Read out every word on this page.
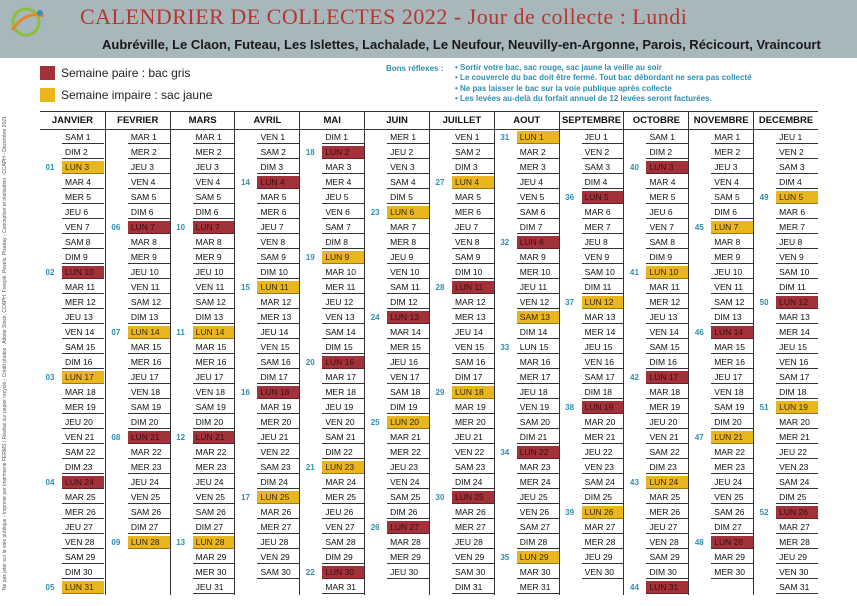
CALENDRIER DE COLLECTES 2022 - Jour de collecte : Lundi
Aubréville, Le Claon, Futeau, Les Islettes, Lachalade, Le Neufour, Neuvilly-en-Argonne, Parois, Récicourt, Vraincourt
Ne pas jeter sur la voie publique - Imprimé par Imprimerie FERMS / Réalisé sur papier recyclé - Crédit photos : Adobe Stock, CCAPH, Freepik, Pexels, Pixabay - Conception et réalisation : CCAPH - Décembre 2021
Semaine paire : bac gris
Semaine impaire : sac jaune
Bons réflexes :
•	Sortir votre bac, sac rouge, sac jaune la veille au soir
• Le couvercle du bac doit être fermé. Tout bac débordant ne sera pas collecté
• Ne pas laisser le bac sur la voie publique après collecte
• Les levées au-delà du forfait annuel de 12 levées seront facturées.
JANVIER
SAM 1
DIM 2
01	LUN 3
MAR 4
MER 5
JEU 6
VEN 7
SAM 8
DIM 9
02	LUN 10
MAR 11
MER 12
JEU 13
VEN 14
SAM 15
DIM 16
03	LUN 17
MAR 18
MER 19
JEU 20
VEN 21
SAM 22
DIM 23
04	LUN 24
MAR 25
MER 26
JEU 27
VEN 28
SAM 29
DIM 30
05	LUN 31
FEVRIER
MAR 1
MER 2
JEU 3
VEN 4
SAM 5
DIM 6
06	LUN 7
MAR 8
MER 9
JEU 10
VEN 11
SAM 12
DIM 13
07	LUN 14
MAR 15
MER 16
JEU 17
VEN 18
SAM 19
DIM 20
08	LUN 21
MAR 22
MER 23
JEU 24
VEN 25
SAM 26
DIM 27
09	LUN 28
MARS
MAR 1
MER 2
JEU 3
VEN 4
SAM 5
DIM 6
10	LUN 7
MAR 8
MER 9
JEU 10
VEN 11
SAM 12
DIM 13
11	LUN 14
MAR 15
MER 16
JEU 17
VEN 18
SAM 19
DIM 20
12	LUN 21
MAR 22
MER 23
JEU 24
VEN 25
SAM 26
DIM 27
13	LUN 28
MAR 29
MER 30
JEU 31
AVRIL
VEN 1
SAM 2
DIM 3
14	LUN 4
MAR 5
MER 6
JEU 7
VEN 8
SAM 9
DIM 10
15	LUN 11
MAR 12
MER 13
JEU 14
VEN 15
SAM 16
DIM 17
16	LUN 18
MAR 19
MER 20
JEU 21
VEN 22
SAM 23
DIM 24
17	LUN 25
MAR 26
MER 27
JEU 28
VEN 29
SAM 30
MAI
DIM 1
18	LUN 2
MAR 3
MER 4
JEU 5
VEN 6
SAM 7
DIM 8
19	LUN 9
MAR 10
MER 11
JEU 12
VEN 13
SAM 14
DIM 15
20	LUN 16
MAR 17
MER 18
JEU 19
VEN 20
SAM 21
DIM 22
21	LUN 23
MAR 24
MER 25
JEU 26
VEN 27
SAM 28
DIM 29
22	LUN 30
MAR 31
JUIN
MER 1
JEU 2
VEN 3
SAM 4
DIM 5
23	LUN 6
MAR 7
MER 8
JEU 9
VEN 10
SAM 11
DIM 12
24	LUN 13
MAR 14
MER 15
JEU 16
VEN 17
SAM 18
DIM 19
25	LUN 20
MAR 21
MER 22
JEU 23
VEN 24
SAM 25
DIM 26
26	LUN 27
MAR 28
MER 29
JEU 30
JUILLET
VEN 1
SAM 2
DIM 3
27	LUN 4
MAR 5
MER 6
JEU 7
VEN 8
SAM 9
DIM 10
28	LUN 11
MAR 12
MER 13
JEU 14
VEN 15
SAM 16
DIM 17
29	LUN 18
MAR 19
MER 20
JEU 21
VEN 22
SAM 23
DIM 24
30	LUN 25
MAR 26
MER 27
JEU 28
VEN 29
SAM 30
DIM 31
AOUT
31	LUN 1
MAR 2
MER 3
JEU 4
VEN 5
SAM 6
DIM 7
32	LUN 8
MAR 9
MER 10
JEU 11
VEN 12
SAM 13
DIM 14
33	LUN 15
MAR 16
MER 17
JEU 18
VEN 19
SAM 20
DIM 21
34	LUN 22
MAR 23
MER 24
JEU 25
VEN 26
SAM 27
DIM 28
35	LUN 29
MAR 30
MER 31
SEPTEMBRE
JEU 1
VEN 2
SAM 3
DIM 4
36	LUN 5
MAR 6
MER 7
JEU 8
VEN 9
SAM 10
DIM 11
37	LUN 12
MAR 13
MER 14
JEU 15
VEN 16
SAM 17
DIM 18
38	LUN 19
MAR 20
MER 21
JEU 22
VEN 23
SAM 24
DIM 25
39	LUN 26
MAR 27
MER 28
JEU 29
VEN 30
OCTOBRE
SAM 1
DIM 2
40	LUN 3
MAR 4
MER 5
JEU 6
VEN 7
SAM 8
DIM 9
41	LUN 10
MAR 11
MER 12
JEU 13
VEN 14
SAM 15
DIM 16
42	LUN 17
MAR 18
MER 19
JEU 20
VEN 21
SAM 22
DIM 23
43	LUN 24
MAR 25
MER 26
JEU 27
VEN 28
SAM 29
DIM 30
44	LUN 31
NOVEMBRE
MAR 1
MER 2
JEU 3
VEN 4
SAM 5
DIM 6
45	LUN 7
MAR 8
MER 9
JEU 10
VEN 11
SAM 12
DIM 13
46	LUN 14
MAR 15
MER 16
JEU 17
VEN 18
SAM 19
DIM 20
47	LUN 21
MAR 22
MER 23
JEU 24
VEN 25
SAM 26
DIM 27
48	LUN 28
MAR 29
MER 30
DECEMBRE
JEU 1
VEN 2
SAM 3
DIM 4
49	LUN 5
MAR 6
MER 7
JEU 8
VEN 9
SAM 10
DIM 11
50	LUN 12
MAR 13
MER 14
JEU 15
VEN 16
SAM 17
DIM 18
51	LUN 19
MAR 20
MER 21
JEU 22
VEN 23
SAM 24
DIM 25
52	LUN 26
MAR 27
MER 28
JEU 29
VEN 30
SAM 31
